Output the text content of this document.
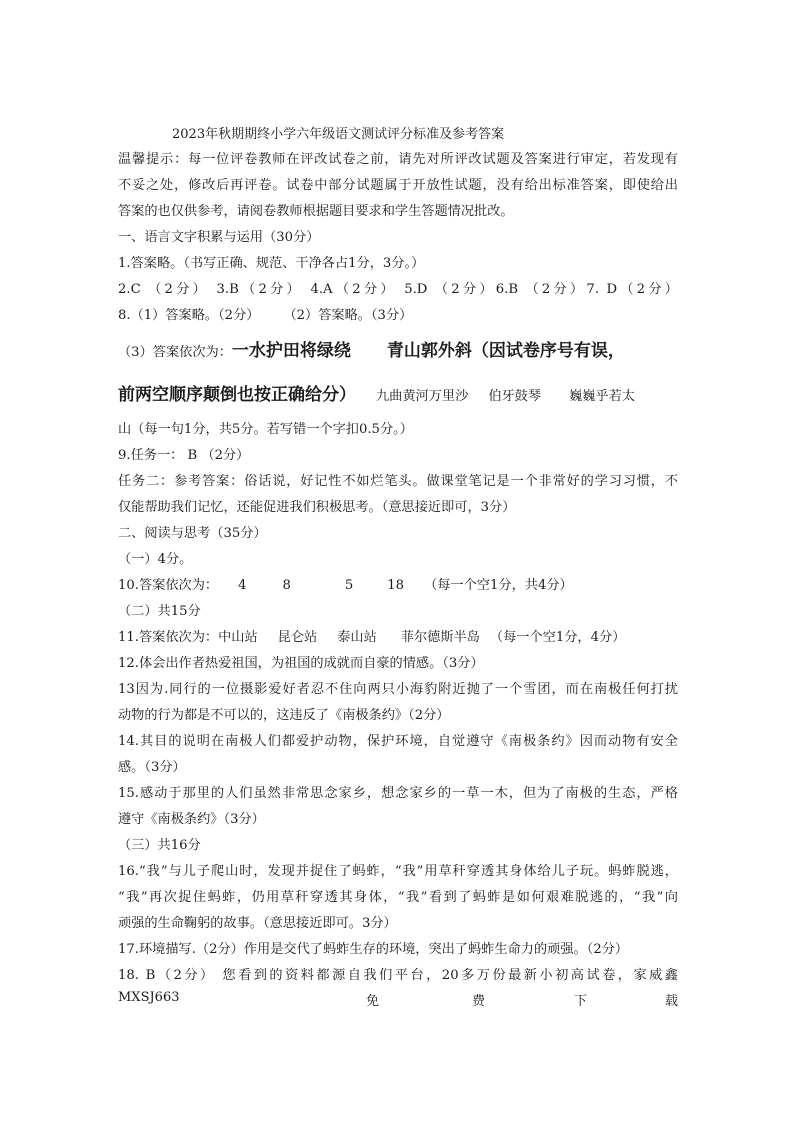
2023年秋期期终小学六年级语文测试评分标准及参考答案
温馨提示：每一位评卷教师在评改试卷之前，请先对所评改试题及答案进行审定，若发现有
不妥之处，修改后再评卷。试卷中部分试题属于开放性试题，没有给出标准答案，即使给出
答案的也仅供参考，请阅卷教师根据题目要求和学生答题情况批改。
一、语言文字积累与运用（30分）
1.答案略。（书写正确、规范、干净各占1分，3分。）
2.C （2分） 3.B（2分） 4.A（2分） 5.D （2分）6.B （2分）7. D（2分）
8.（1）答案略。（2分） （2）答案略。（3分）
（3）答案依次为：一水护田将绿绕 青山郭外斜（因试卷序号有误，
前两空顺序颠倒也按正确给分） 九曲黄河万里沙 伯牙鼓琴 巍巍乎若太
山（每一句1分，共5分。若写错一个字扣0.5分。）
9.任务一： B （2分）
任务二：参考答案：俗话说，好记性不如烂笔头。做课堂笔记是一个非常好的学习习惯，不
仅能帮助我们记忆，还能促进我们积极思考。（意思接近即可，3分）
二、阅读与思考（35分）
（一）4分。
10.答案依次为： 4	8	5	18 （每一个空1分，共4分）
（二）共15分
11.答案依次为：中山站 昆仑站 泰山站 菲尔德斯半岛 （每一个空1分，4分）
12.体会出作者热爱祖国，为祖国的成就而自豪的情感。（3分）
13因为.同行的一位摄影爱好者忍不住向两只小海豹附近抛了一个雪团，而在南极任何打扰
动物的行为都是不可以的，这违反了《南极条约》（2分）
14.其目的说明在南极人们都爱护动物，保护环境，自觉遵守《南极条约》因而动物有安全
感。（3分）
15.感动于那里的人们虽然非常思念家乡，想念家乡的一草一木，但为了南极的生态，严格
遵守《南极条约》（3分）
（三）共16分
16.“我”与儿子爬山时，发现并捉住了蚂蚱，“我”用草秆穿透其身体给儿子玩。蚂蚱脱逃，
“我”再次捉住蚂蚱，仍用草秆穿透其身体，“我”看到了蚂蚱是如何艰难脱逃的，“我”向
顽强的生命鞠躬的故事。（意思接近即可。3分）
17.环境描写.（2分）作用是交代了蚂蚱生存的环境，突出了蚂蚱生命力的顽强。（2分）
18. B（2分） 您看到的资料都源自我们平台，20多万份最新小初高试卷，家威鑫
MXSJ663	免	费	下	载
